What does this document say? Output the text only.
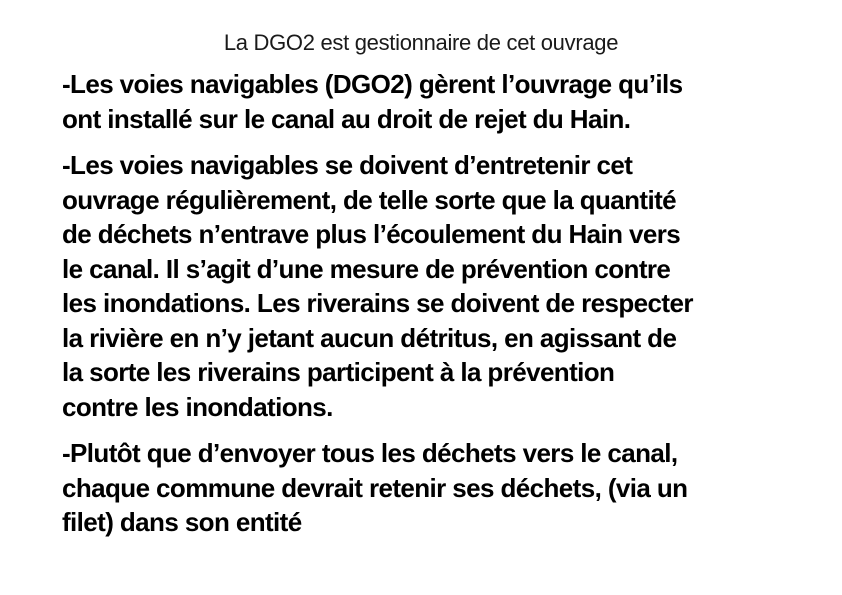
La DGO2 est gestionnaire de cet ouvrage
-Les voies navigables (DGO2) gèrent l’ouvrage qu’ils
ont installé sur le canal au droit de rejet du Hain.
-Les voies navigables se doivent d’entretenir cet
ouvrage régulièrement, de telle sorte que la quantité
de déchets n’entrave plus l’écoulement du Hain vers
le canal. Il s’agit d’une mesure de prévention contre
les inondations. Les riverains se doivent de respecter
la rivière en n’y jetant aucun détritus, en agissant de
la sorte les riverains participent à la prévention
contre les inondations.
-Plutôt que d’envoyer tous les déchets vers le canal,
chaque commune devrait retenir ses déchets, (via un
filet) dans son entité
